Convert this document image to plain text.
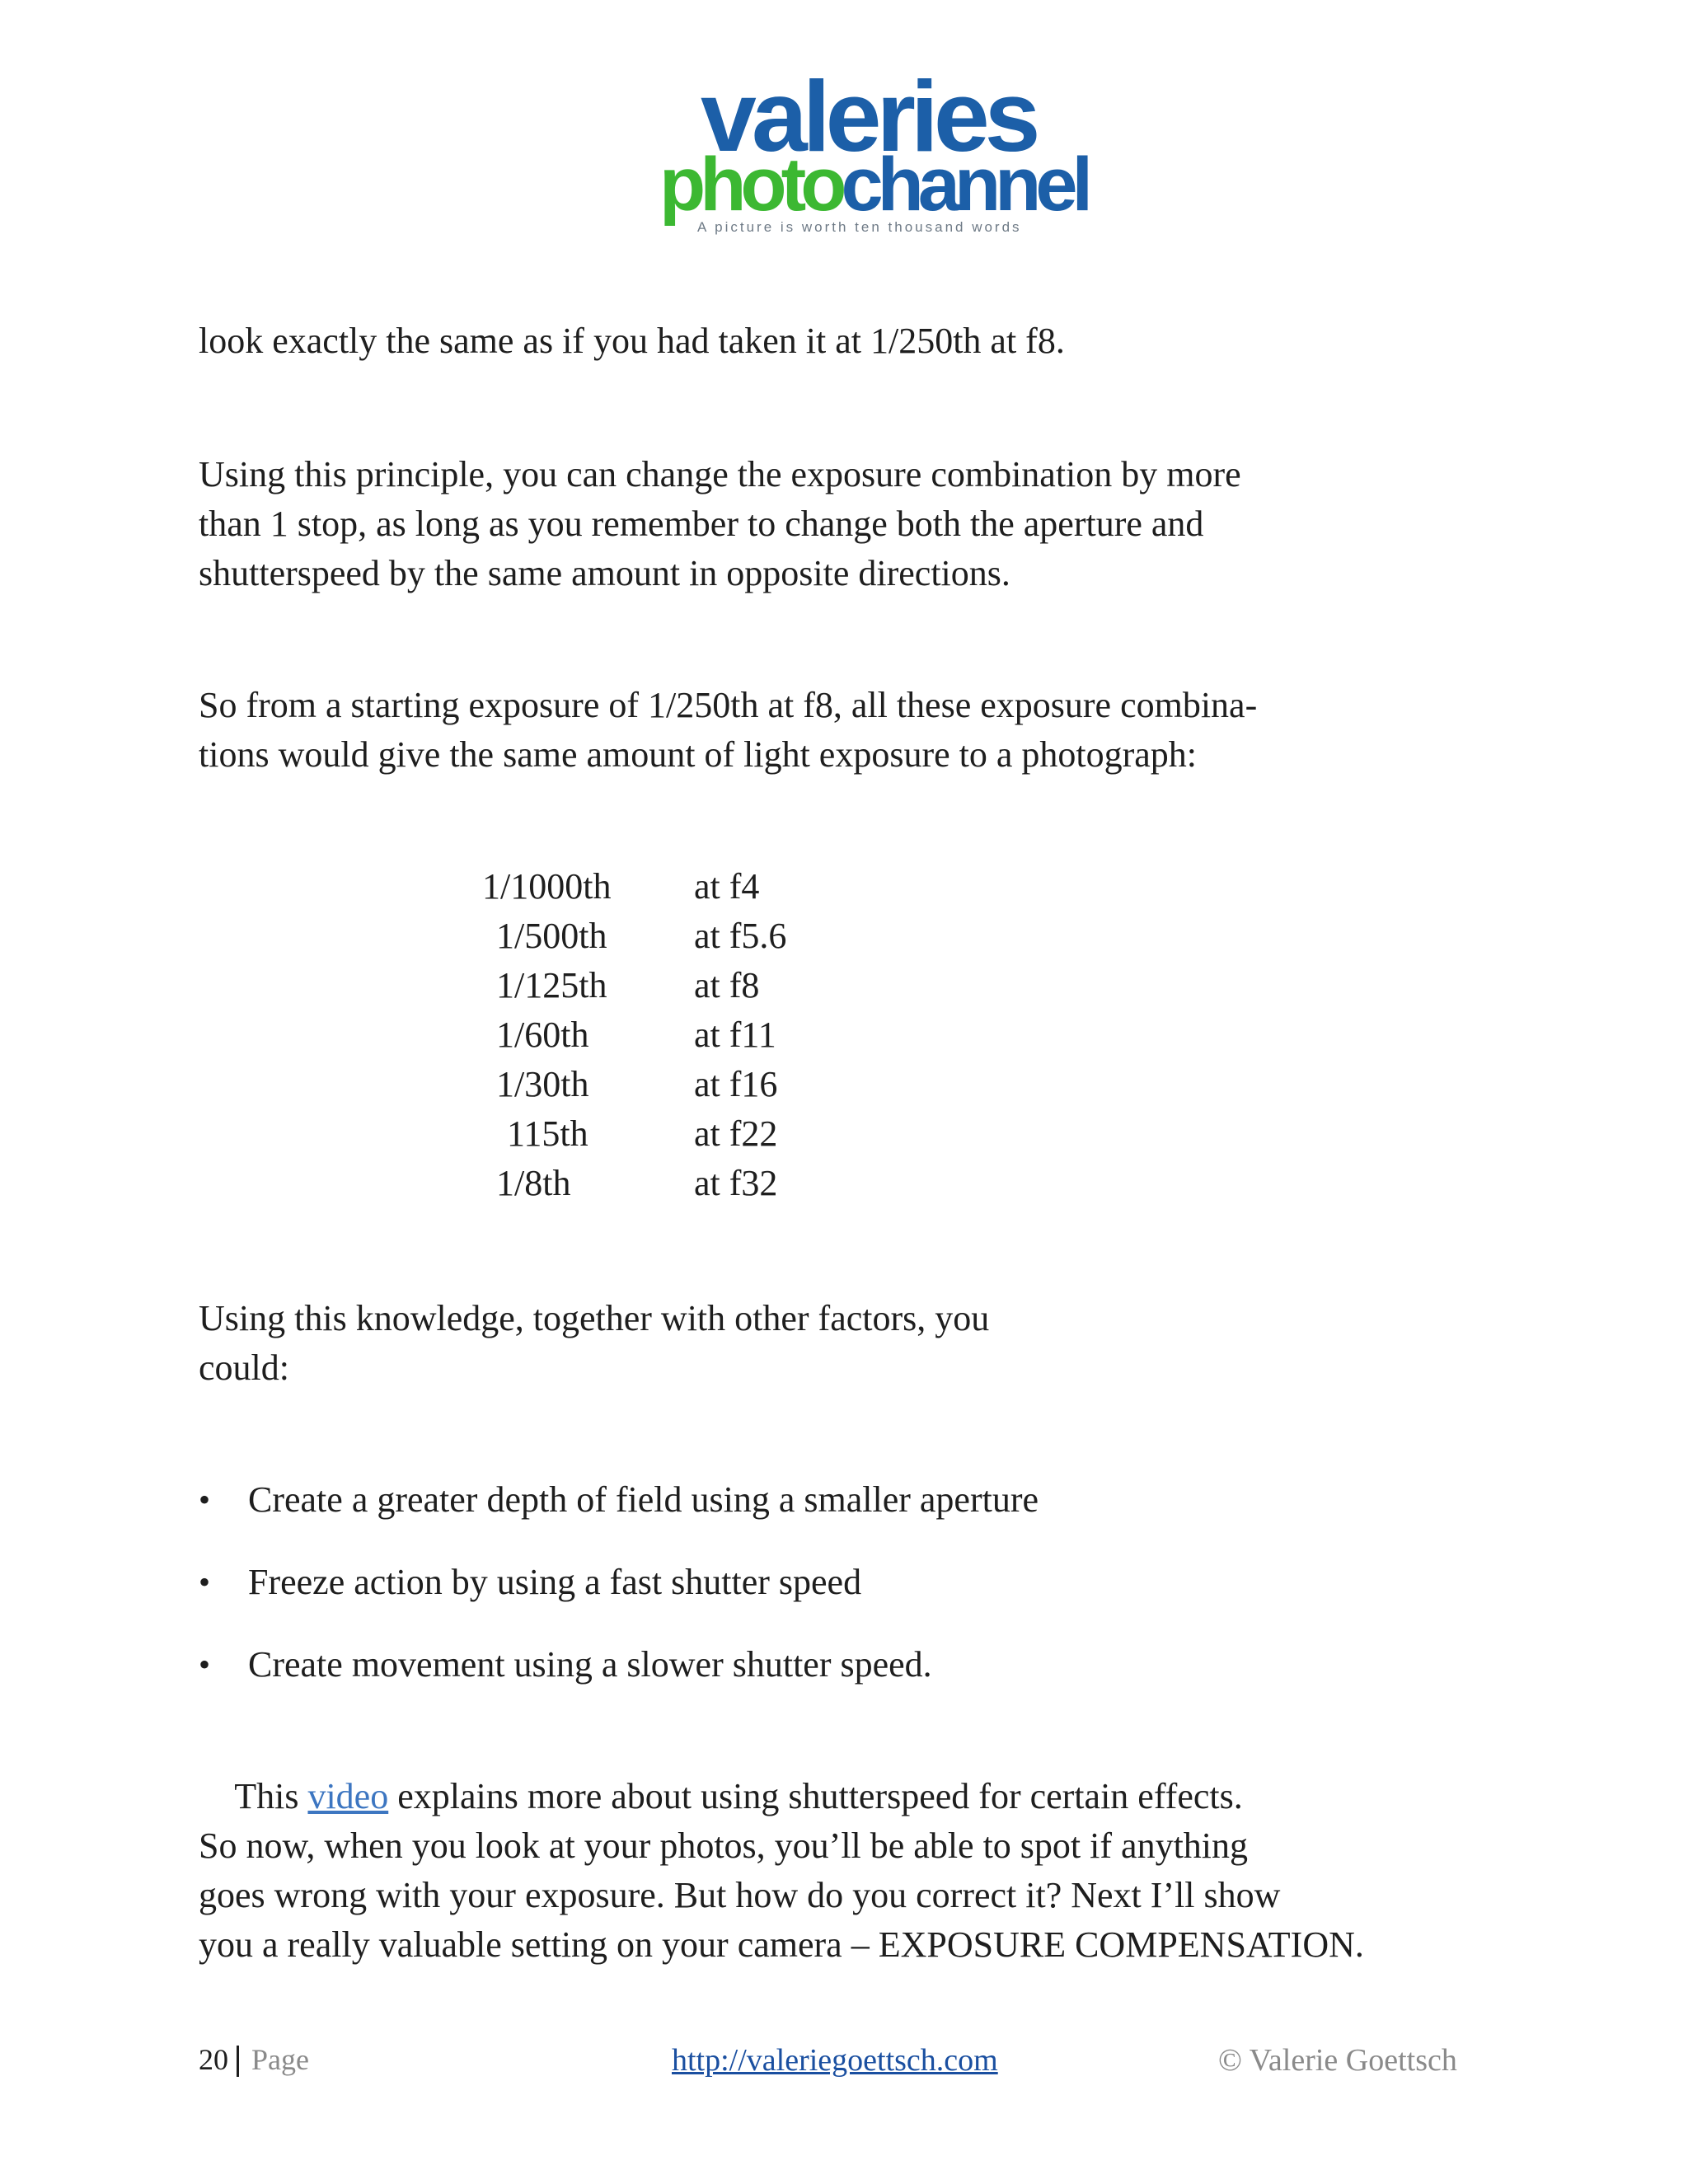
valeries
photochannel
A picture is worth ten thousand words

look exactly the same as if you had taken it at 1/250th at f8.

Using this principle, you can change the exposure combination by more
than 1 stop, as long as you remember to change both the aperture and
shutterspeed by the same amount in opposite directions.

So from a starting exposure of 1/250th at f8, all these exposure combina-
tions would give the same amount of light exposure to a photograph:

1/1000th at f4
1/500th at f5.6
1/125th at f8
1/60th	at f11
1/30th	at f16
115th	at f22
1/8th	at f32

Using this knowledge, together with other factors, you
could:

• Create a greater depth of field using a smaller aperture
• Freeze action by using a fast shutter speed
• Create movement using a slower shutter speed.

This video explains more about using shutterspeed for certain effects.

So now, when you look at your photos, you’ll be able to spot if anything
goes wrong with your exposure. But how do you correct it? Next I’ll show
you a really valuable setting on your camera – EXPOSURE COMPENSATION.

20 Page	http://valeriegoettsch.com	© Valerie Goettsch
